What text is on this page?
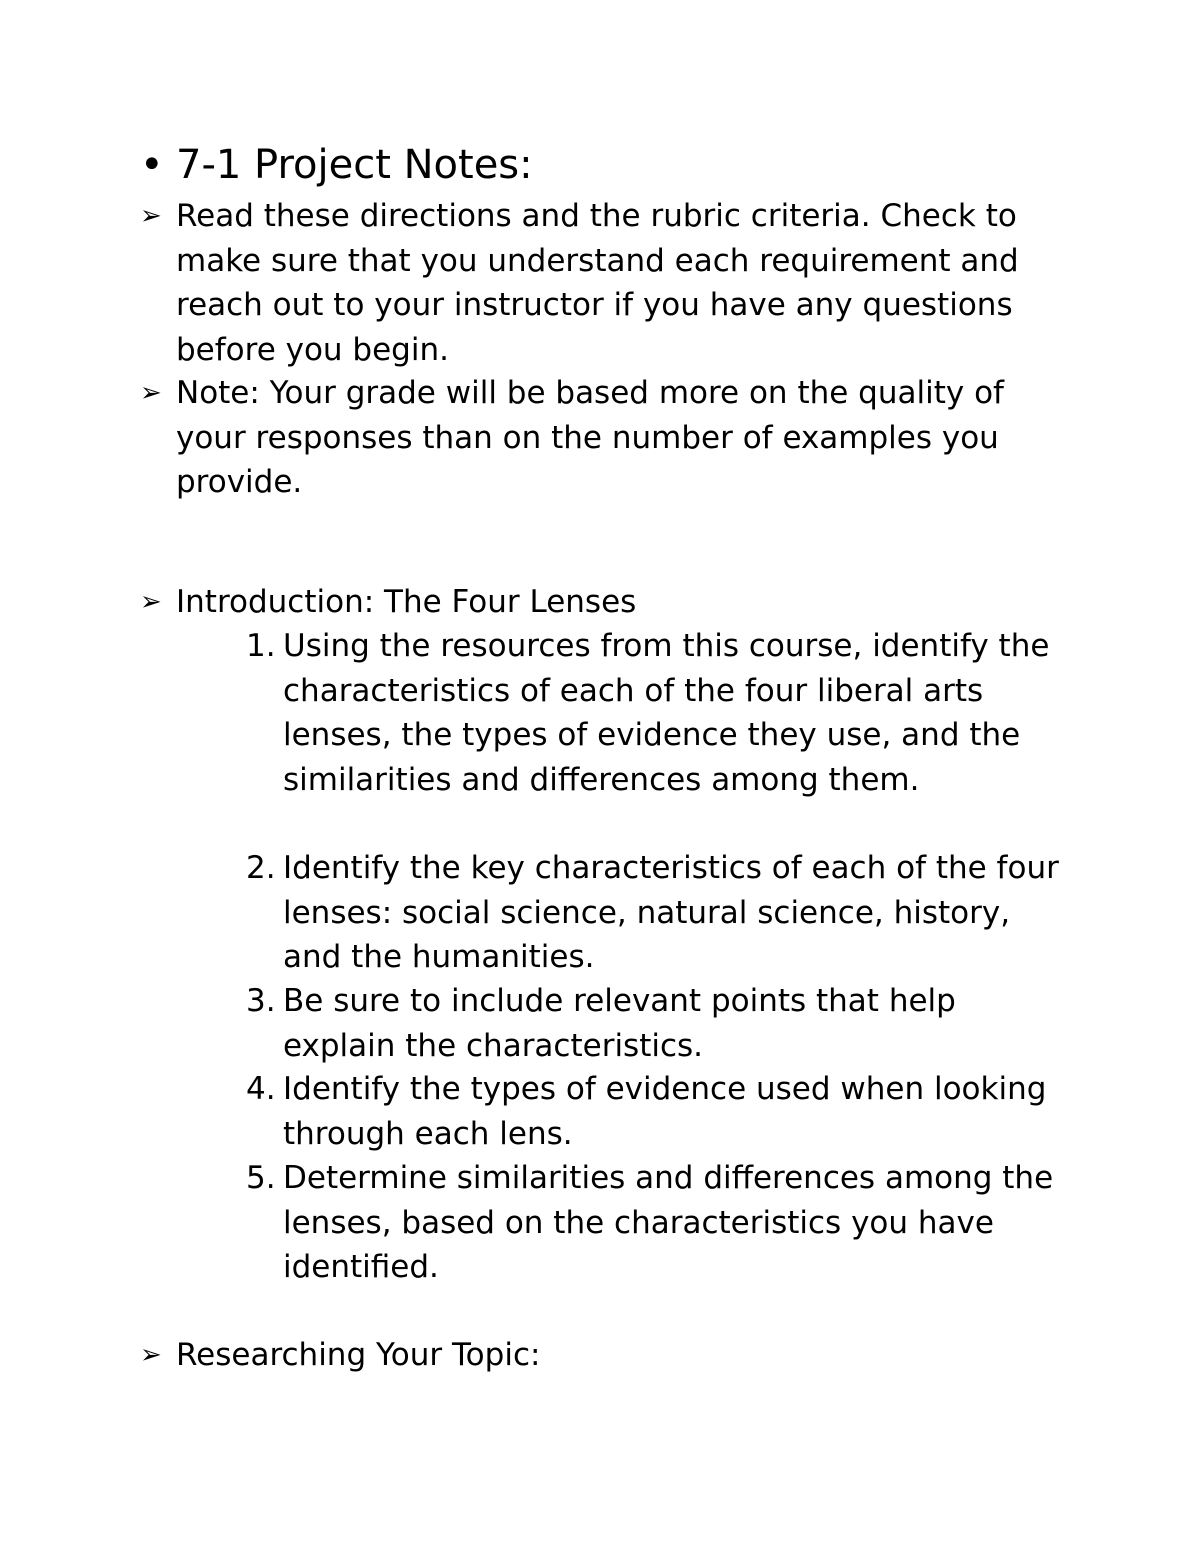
• 7-1 Project Notes:
➢ Read these directions and the rubric criteria. Check to make sure that you understand each requirement and reach out to your instructor if you have any questions before you begin.
➢ Note: Your grade will be based more on the quality of your responses than on the number of examples you provide.
➢ Introduction: The Four Lenses
1. Using the resources from this course, identify the characteristics of each of the four liberal arts lenses, the types of evidence they use, and the similarities and differences among them.
2. Identify the key characteristics of each of the four lenses: social science, natural science, history, and the humanities.
3. Be sure to include relevant points that help explain the characteristics.
4. Identify the types of evidence used when looking through each lens.
5. Determine similarities and differences among the lenses, based on the characteristics you have identified.
➢ Researching Your Topic:
